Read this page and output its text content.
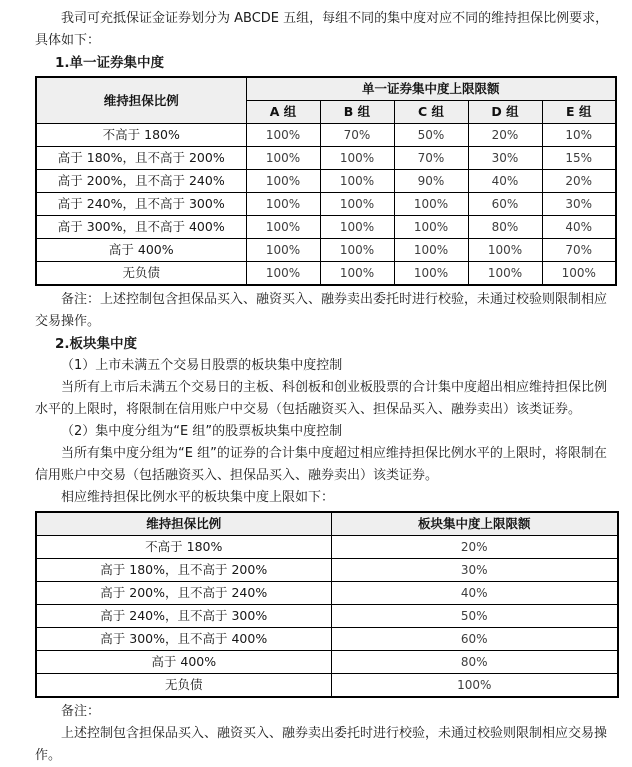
我司可充抵保证金证券划分为 ABCDE 五组，每组不同的集中度对应不同的维持担保比例要求，具体如下：

1.单一证券集中度
维持担保比例	单一证券集中度上限限额				
	A 组	B 组	C 组	D 组	E 组
不高于 180%	100%	70%	50%	20%	10%
高于 180%，且不高于 200%	100%	100%	70%	30%	15%
高于 200%，且不高于 240%	100%	100%	90%	40%	20%
高于 240%，且不高于 300%	100%	100%	100%	60%	30%
高于 300%，且不高于 400%	100%	100%	100%	80%	40%
高于 400%	100%	100%	100%	100%	70%
无负债	100%	100%	100%	100%	100%

备注：上述控制包含担保品买入、融资买入、融券卖出委托时进行校验，未通过校验则限制相应交易操作。

2.板块集中度

（1）上市未满五个交易日股票的板块集中度控制

当所有上市后未满五个交易日的主板、科创板和创业板股票的合计集中度超出相应维持担保比例水平的上限时，将限制在信用账户中交易（包括融资买入、担保品买入、融券卖出）该类证券。

（2）集中度分组为“E 组”的股票板块集中度控制

当所有集中度分组为“E 组”的证券的合计集中度超过相应维持担保比例水平的上限时，将限制在信用账户中交易（包括融资买入、担保品买入、融券卖出）该类证券。

相应维持担保比例水平的板块集中度上限如下：

维持担保比例	板块集中度上限限额
不高于 180%	20%
高于 180%，且不高于 200%	30%
高于 200%，且不高于 240%	40%
高于 240%，且不高于 300%	50%
高于 300%，且不高于 400%	60%
高于 400%	80%
无负债	100%

备注：

上述控制包含担保品买入、融资买入、融券卖出委托时进行校验，未通过校验则限制相应交易操作。
